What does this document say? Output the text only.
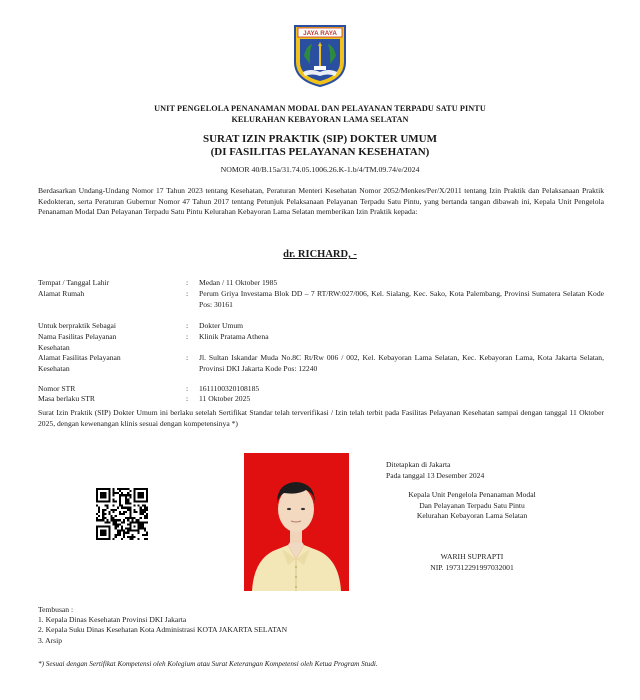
JAYA RAYA
UNIT PENGELOLA PENANAMAN MODAL DAN PELAYANAN TERPADU SATU PINTU
KELURAHAN KEBAYORAN LAMA SELATAN
SURAT IZIN PRAKTIK (SIP) DOKTER UMUM
(DI FASILITAS PELAYANAN KESEHATAN)
NOMOR 40/B.15a/31.74.05.1006.26.K-1.b/4/TM.09.74/e/2024
Berdasarkan Undang-Undang Nomor 17 Tahun 2023 tentang Kesehatan, Peraturan Menteri Kesehatan Nomor 2052/Menkes/Per/X/2011 tentang Izin Praktik dan Pelaksanaan Praktik Kedokteran, serta Peraturan Gubernur Nomor 47 Tahun 2017 tentang Petunjuk Pelaksanaan Pelayanan Terpadu Satu Pintu, yang bertanda tangan dibawah ini, Kepala Unit Pengelola Penanaman Modal Dan Pelayanan Terpadu Satu Pintu Kelurahan Kebayoran Lama Selatan memberikan Izin Praktik kepada:
dr. RICHARD, -
Tempat / Tanggal Lahir	: Medan / 11 Oktober 1985
Alamat Rumah	: Perum Griya Investama Blok DD – 7 RT/RW:027/006, Kel. Sialang, Kec. Sako, Kota Palembang, Provinsi Sumatera Selatan Kode Pos: 30161
Untuk berpraktik Sebagai	: Dokter Umum
Nama Fasilitas Pelayanan Kesehatan
: Klinik Pratama Athena
Alamat Fasilitas Pelayanan Kesehatan
: Jl. Sultan Iskandar Muda No.8C Rt/Rw 006 / 002, Kel. Kebayoran Lama Selatan, Kec. Kebayoran Lama, Kota Jakarta Selatan, Provinsi DKI Jakarta Kode Pos: 12240
Nomor STR	: 1611100320108185
Masa berlaku STR	: 11 Oktober 2025
Surat Izin Praktik (SIP) Dokter Umum ini berlaku setelah Sertifikat Standar telah terverifikasi / Izin telah terbit pada Fasilitas Pelayanan Kesehatan sampai dengan tanggal 11 Oktober 2025, dengan kewenangan klinis sesuai dengan kompetensinya *)
Ditetapkan di Jakarta
Pada tanggal 13 Desember 2024
Kepala Unit Pengelola Penanaman Modal
Dan Pelayanan Terpadu Satu Pintu
Kelurahan Kebayoran Lama Selatan
WARIH SUPRAPTI
NIP. 197312291997032001
Tembusan :
1. Kepala Dinas Kesehatan Provinsi DKI Jakarta
2. Kepala Suku Dinas Kesehatan Kota Administrasi KOTA JAKARTA SELATAN
3. Arsip
*) Sesuai dengan Sertifikat Kompetensi oleh Kolegium atau Surat Keterangan Kompetensi oleh Ketua Program Studi.
